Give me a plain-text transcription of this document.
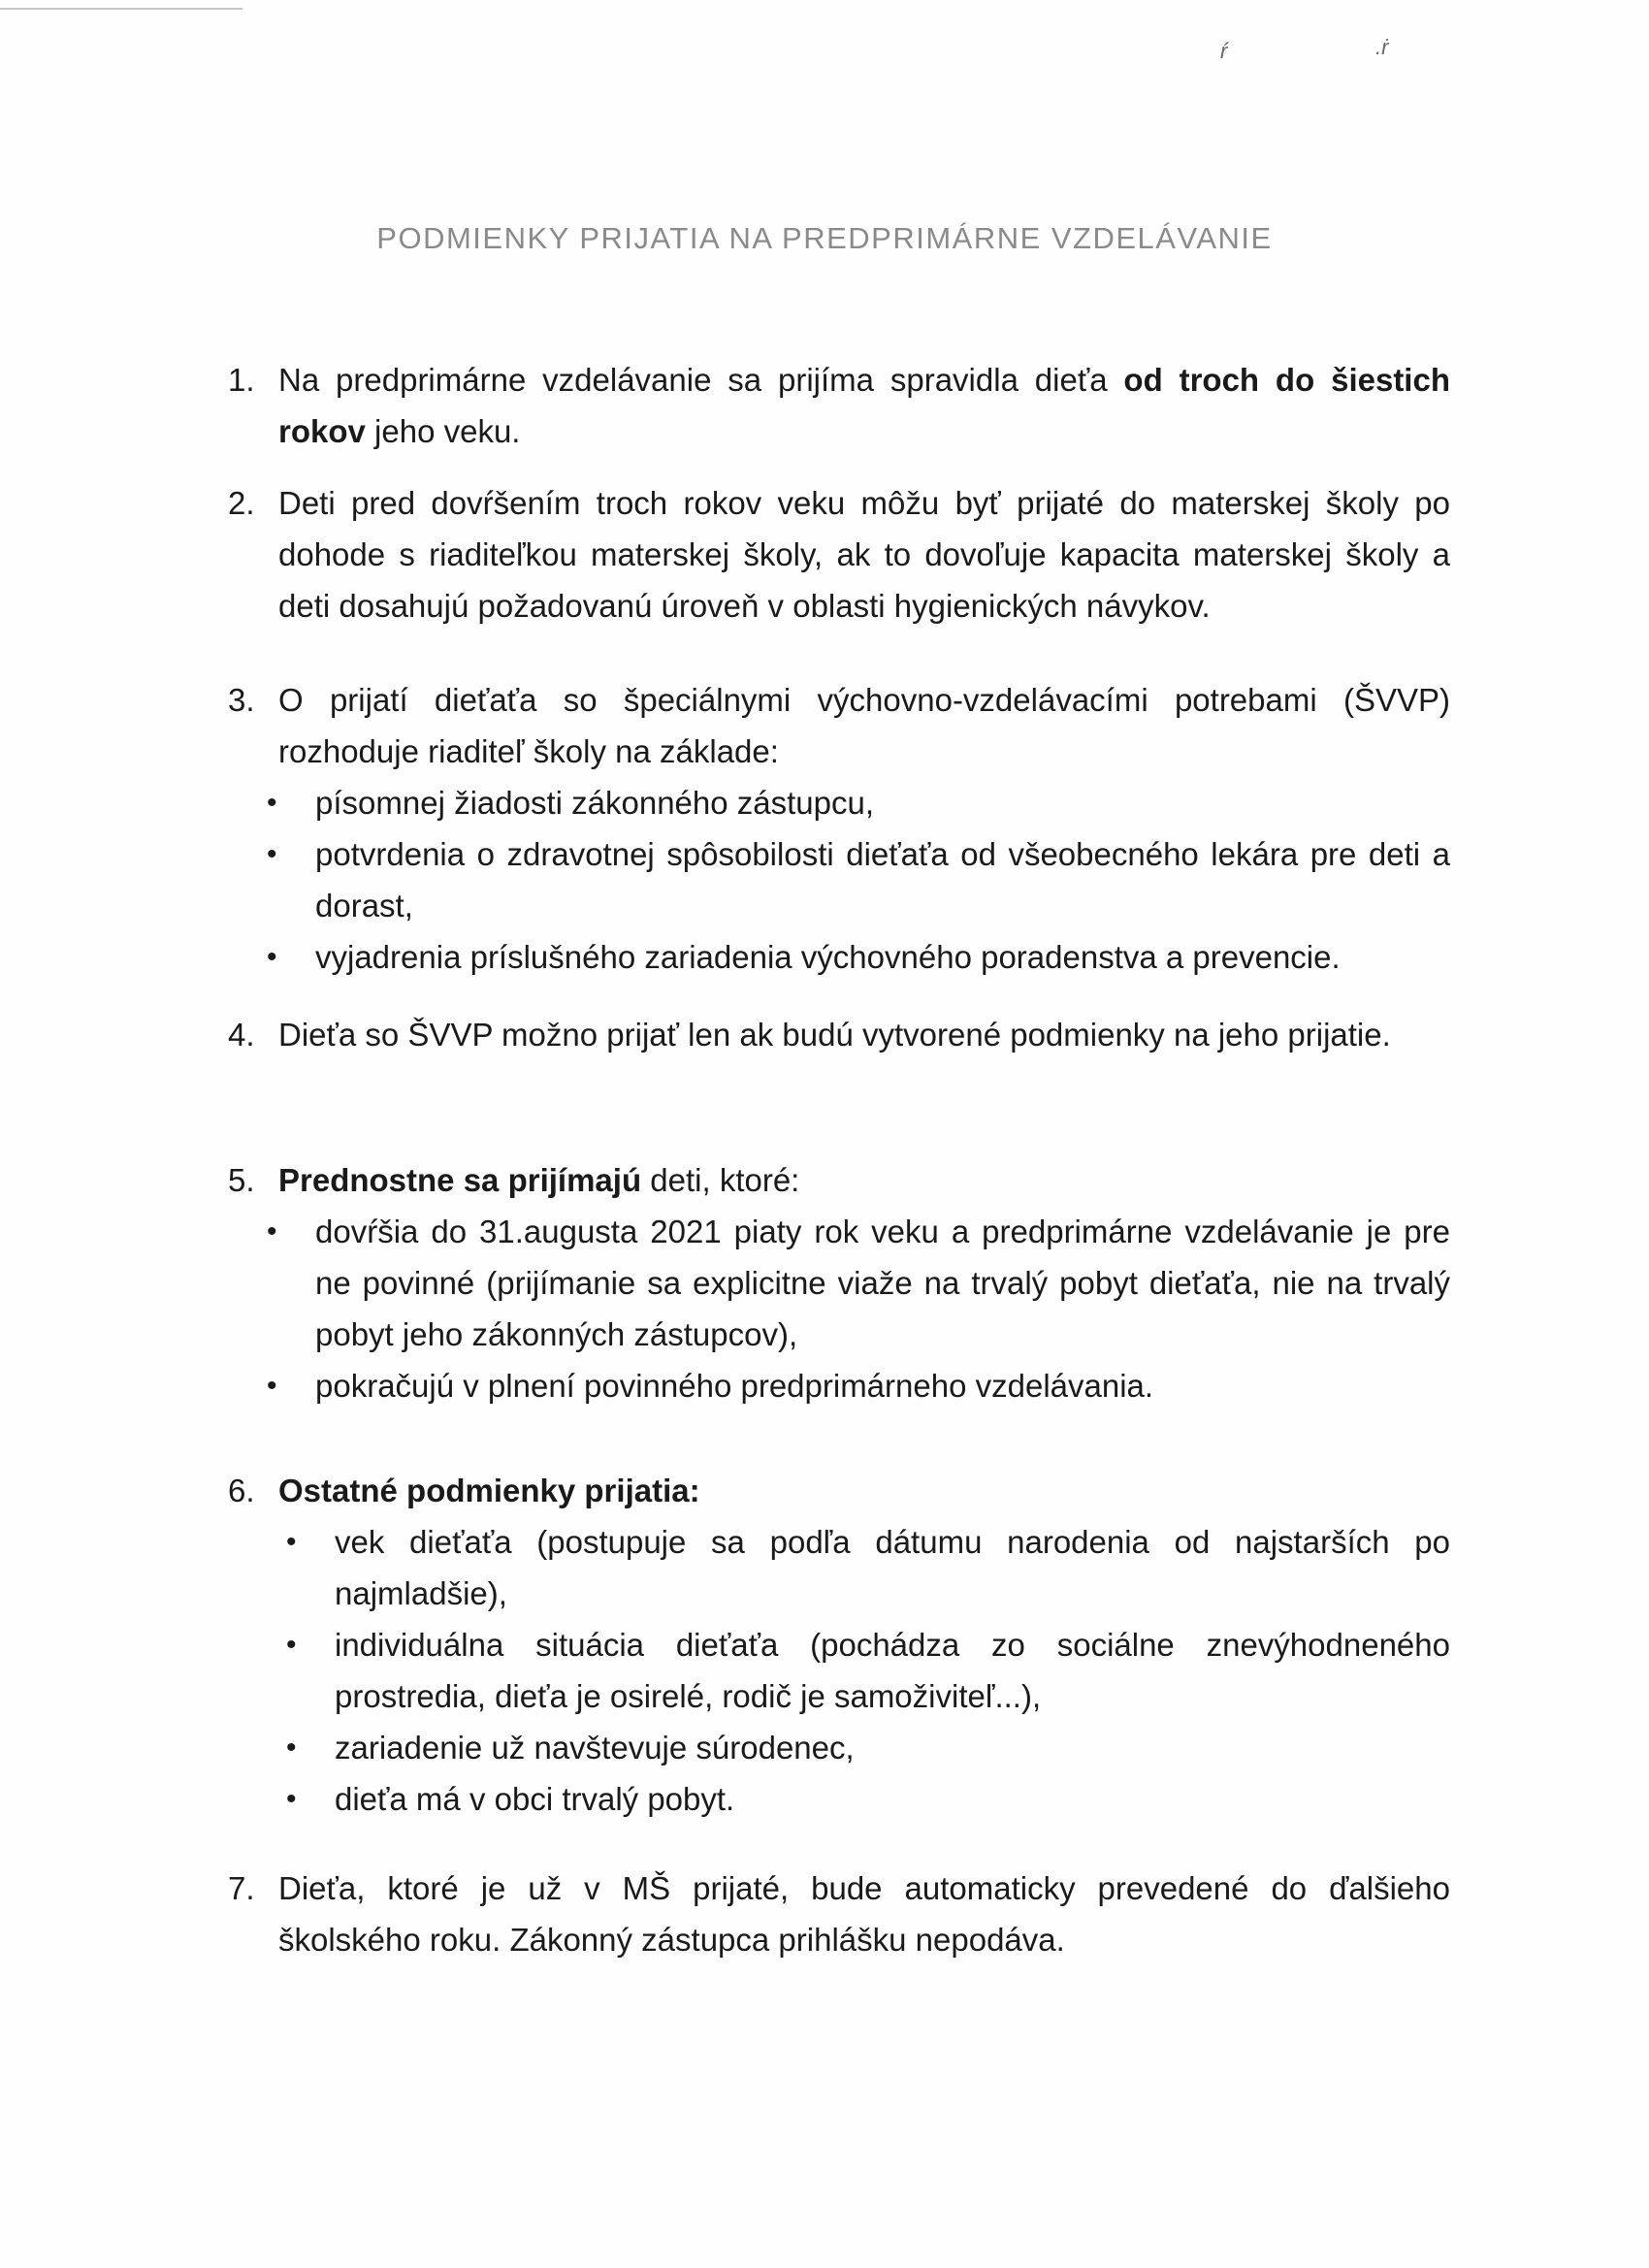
ŕ	.ṙ
PODMIENKY PRIJATIA NA PREDPRIMÁRNE VZDELÁVANIE
1. Na predprimárne vzdelávanie sa prijíma spravidla dieťa od troch do šiestich rokov jeho veku.
2. Deti pred dovŕšením troch rokov veku môžu byť prijaté do materskej školy po dohode s riaditeľkou materskej školy, ak to dovoľuje kapacita materskej školy a deti dosahujú požadovanú úroveň v oblasti hygienických návykov.
3. O prijatí dieťaťa so špeciálnymi výchovno-vzdelávacími potrebami (ŠVVP) rozhoduje riaditeľ školy na základe:
• písomnej žiadosti zákonného zástupcu,
• potvrdenia o zdravotnej spôsobilosti dieťaťa od všeobecného lekára pre deti a dorast,
• vyjadrenia príslušného zariadenia výchovného poradenstva a prevencie.
4. Dieťa so ŠVVP možno prijať len ak budú vytvorené podmienky na jeho prijatie.
5. Prednostne sa prijímajú deti, ktoré:
• dovŕšia do 31.augusta 2021 piaty rok veku a predprimárne vzdelávanie je pre ne povinné (prijímanie sa explicitne viaže na trvalý pobyt dieťaťa, nie na trvalý pobyt jeho zákonných zástupcov),
• pokračujú v plnení povinného predprimárneho vzdelávania.
6. Ostatné podmienky prijatia:
• vek dieťaťa (postupuje sa podľa dátumu narodenia od najstarších po najmladšie),
• individuálna situácia dieťaťa (pochádza zo sociálne znevýhodneného prostredia, dieťa je osirelé, rodič je samoživiteľ...),
• zariadenie už navštevuje súrodenec,
• dieťa má v obci trvalý pobyt.
7. Dieťa, ktoré je už v MŠ prijaté, bude automaticky prevedené do ďalšieho školského roku. Zákonný zástupca prihlášku nepodáva.
